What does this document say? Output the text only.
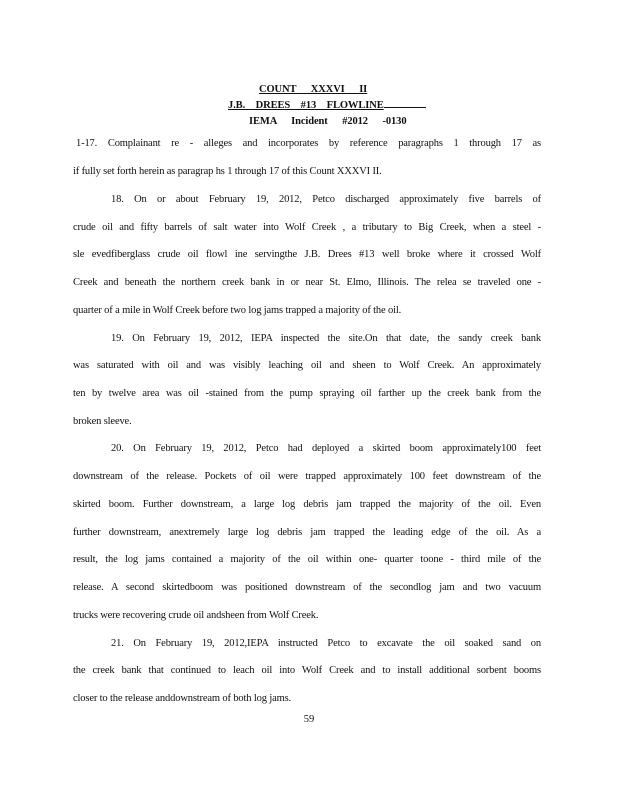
COUNT XXXVI II
J.B. DREES #13 FLOWLINE
IEMA Incident #2012 -0130
1-17. Complainant re - alleges and incorporates by reference paragraphs 1 through 17 as
if fully set forth herein as paragrap hs 1 through 17 of this Count XXXVI II.
18. On or about February 19, 2012, Petco discharged approximately five barrels of
crude oil and fifty barrels of salt water into Wolf Creek , a tributary to Big Creek, when a steel -
sle evedfiberglass crude oil flowl ine servingthe J.B. Drees #13 well broke where it crossed Wolf
Creek and beneath the northern creek bank in or near St. Elmo, Illinois. The relea se traveled one -
quarter of a mile in Wolf Creek before two log jams trapped a majority of the oil.
19. On February 19, 2012, IEPA inspected the site.On that date, the sandy creek bank
was saturated with oil and was visibly leaching oil and sheen to Wolf Creek. An approximately
ten by twelve area was oil -stained from the pump spraying oil farther up the creek bank from the
broken sleeve.
20. On February 19, 2012, Petco had deployed a skirted boom approximately100 feet
downstream of the release. Pockets of oil were trapped approximately 100 feet downstream of the
skirted boom. Further downstream, a large log debris jam trapped the majority of the oil. Even
further downstream, anextremely large log debris jam trapped the leading edge of the oil. As a
result, the log jams contained a majority of the oil within one- quarter toone - third mile of the
release. A second skirtedboom was positioned downstream of the secondlog jam and two vacuum
trucks were recovering crude oil andsheen from Wolf Creek.
21. On February 19, 2012,IEPA instructed Petco to excavate the oil soaked sand on
the creek bank that continued to leach oil into Wolf Creek and to install additional sorbent booms
closer to the release anddownstream of both log jams.
59
